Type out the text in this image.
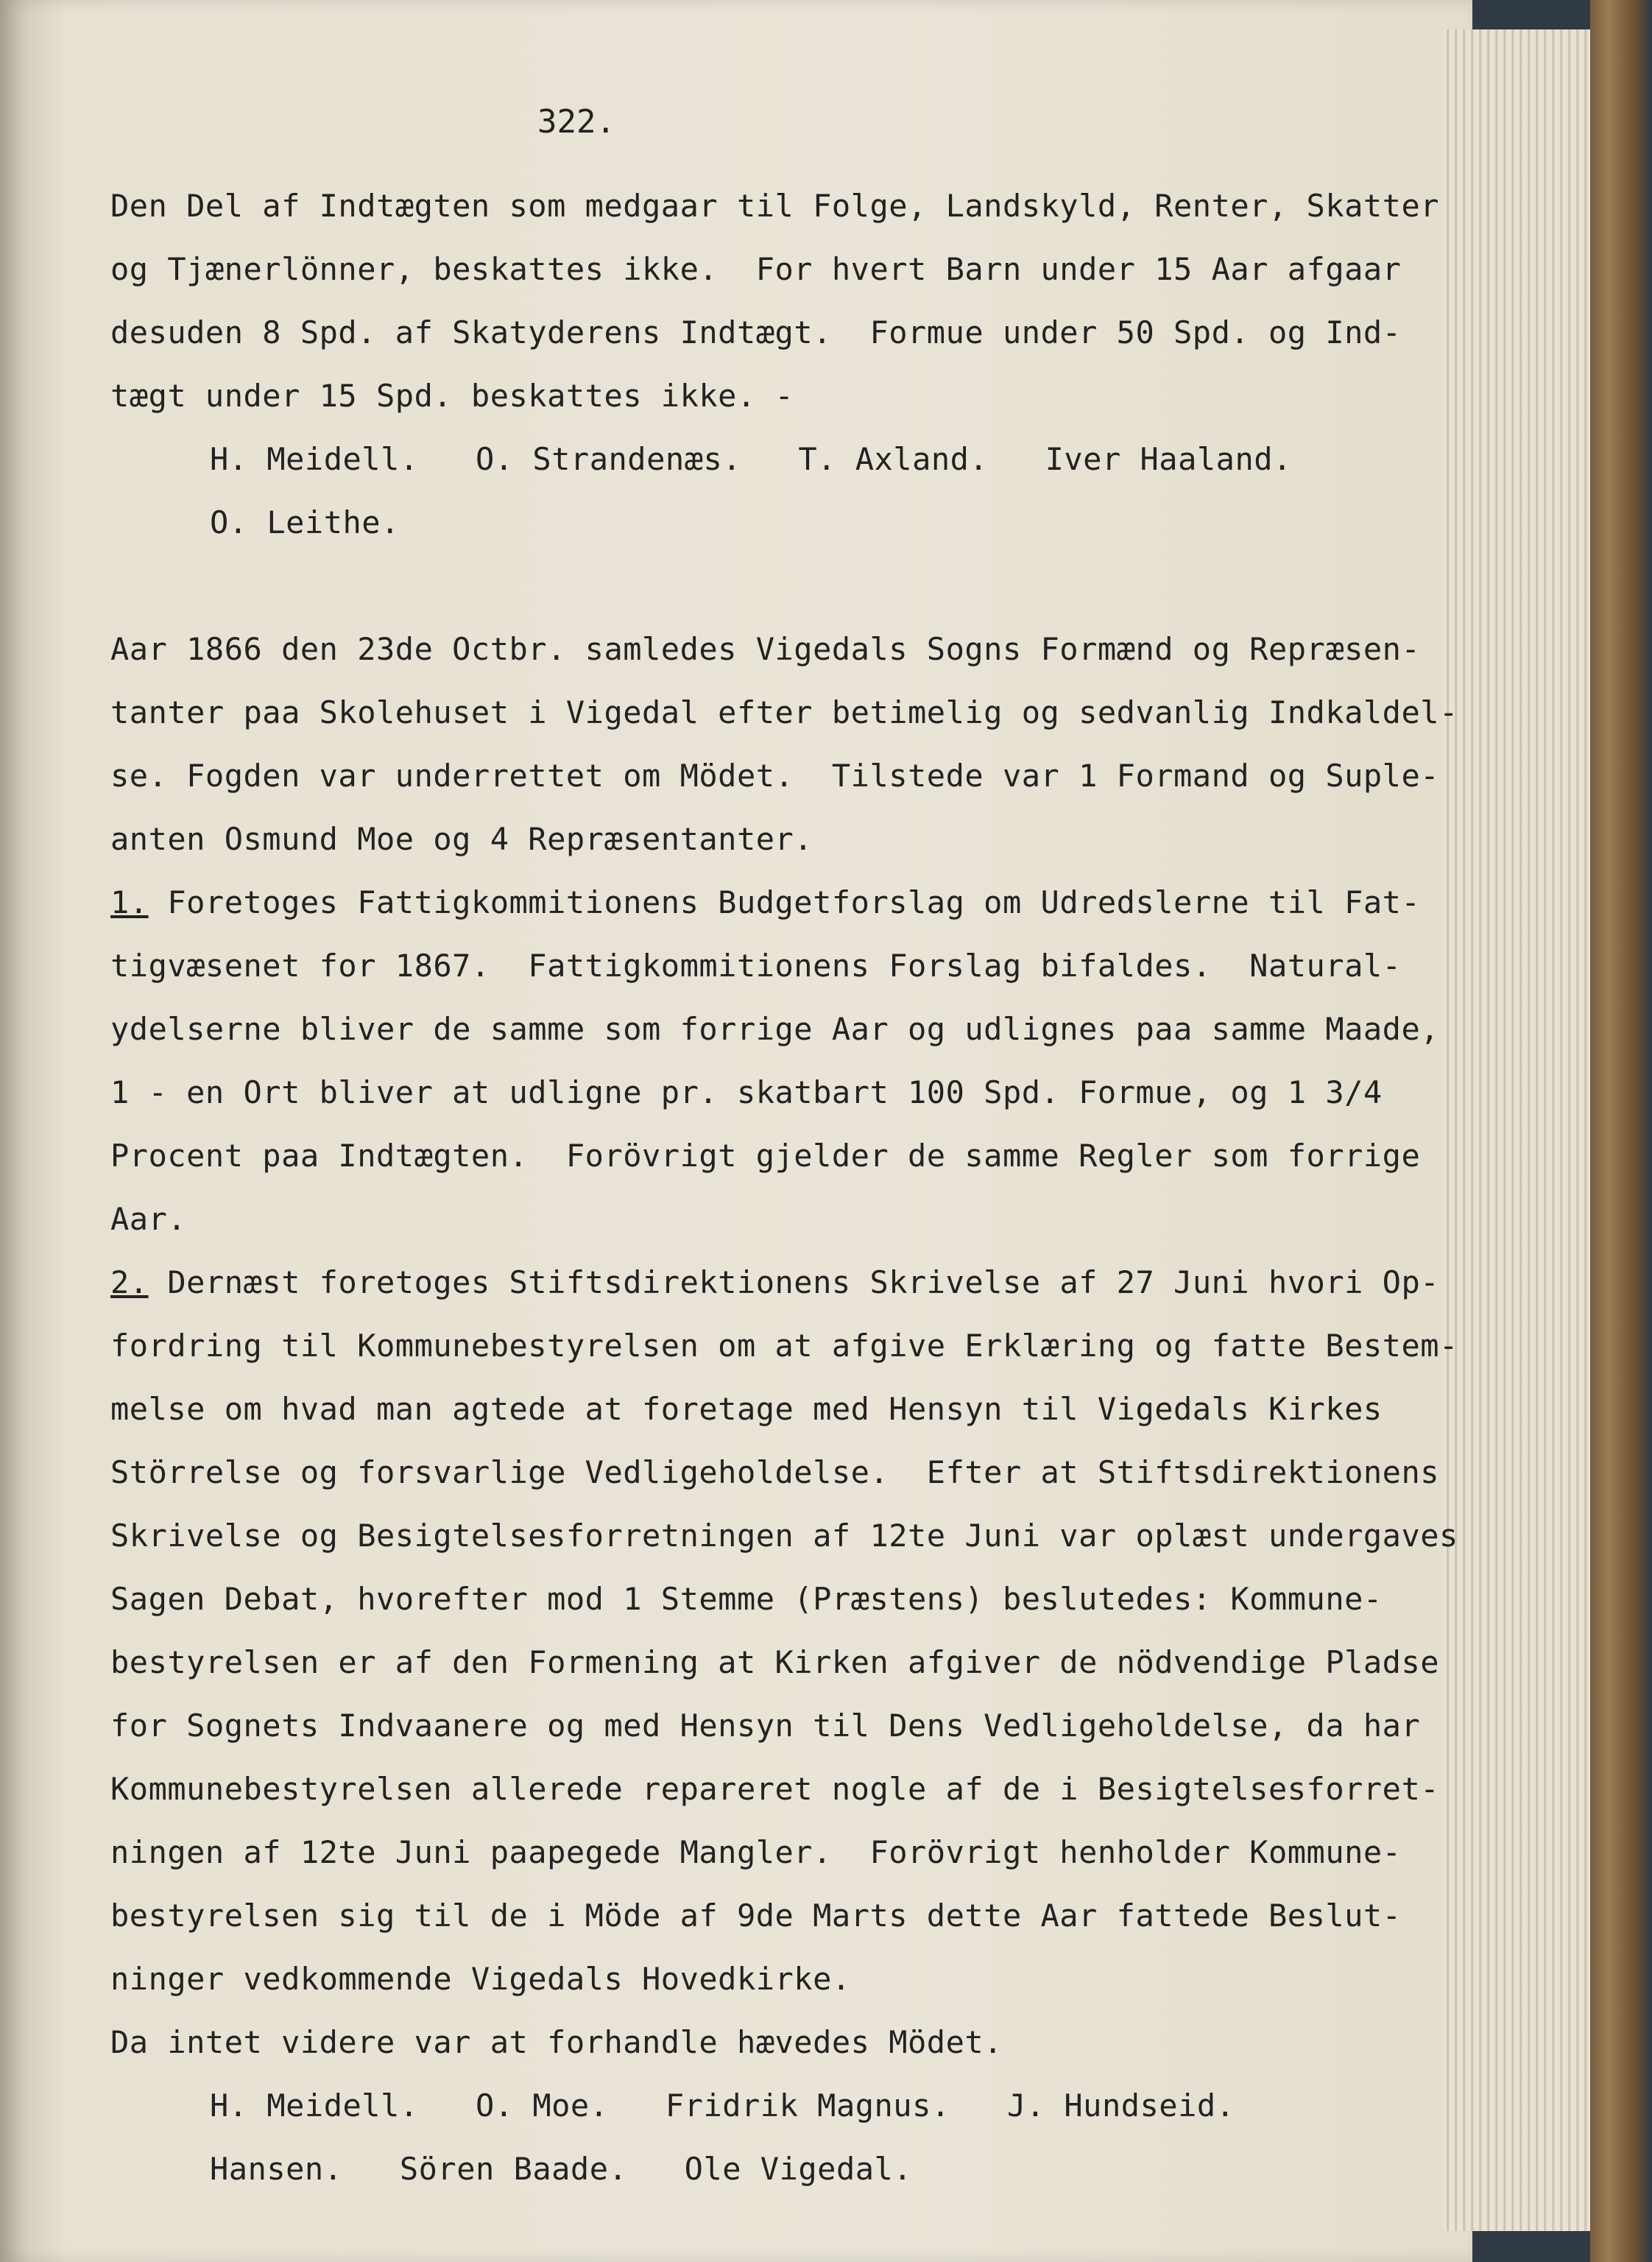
322.
Den Del af Indtægten som medgaar til Folge, Landskyld, Renter, Skatter
og Tjænerlönner, beskattes ikke.  For hvert Barn under 15 Aar afgaar
desuden 8 Spd. af Skatyderens Indtægt.  Formue under 50 Spd. og Ind-
tægt under 15 Spd. beskattes ikke. -
H. Meidell.   O. Strandenæs.   T. Axland.   Iver Haaland.
O. Leithe.
Aar 1866 den 23de Octbr. samledes Vigedals Sogns Formænd og Repræsen-
tanter paa Skolehuset i Vigedal efter betimelig og sedvanlig Indkaldel-
se. Fogden var underrettet om Mödet.  Tilstede var 1 Formand og Suple-
anten Osmund Moe og 4 Repræsentanter.
1. Foretoges Fattigkommitionens Budgetforslag om Udredslerne til Fat-
tigvæsenet for 1867.  Fattigkommitionens Forslag bifaldes.  Natural-
ydelserne bliver de samme som forrige Aar og udlignes paa samme Maade,
1 - en Ort bliver at udligne pr. skatbart 100 Spd. Formue, og 1 3/4
Procent paa Indtægten.  Forövrigt gjelder de samme Regler som forrige
Aar.
2. Dernæst foretoges Stiftsdirektionens Skrivelse af 27 Juni hvori Op-
fordring til Kommunebestyrelsen om at afgive Erklæring og fatte Bestem-
melse om hvad man agtede at foretage med Hensyn til Vigedals Kirkes
Störrelse og forsvarlige Vedligeholdelse.  Efter at Stiftsdirektionens
Skrivelse og Besigtelsesforretningen af 12te Juni var oplæst undergaves
Sagen Debat, hvorefter mod 1 Stemme (Præstens) beslutedes: Kommune-
bestyrelsen er af den Formening at Kirken afgiver de nödvendige Pladse
for Sognets Indvaanere og med Hensyn til Dens Vedligeholdelse, da har
Kommunebestyrelsen allerede repareret nogle af de i Besigtelsesforret-
ningen af 12te Juni paapegede Mangler.  Forövrigt henholder Kommune-
bestyrelsen sig til de i Möde af 9de Marts dette Aar fattede Beslut-
ninger vedkommende Vigedals Hovedkirke.
Da intet videre var at forhandle hævedes Mödet.
H. Meidell.   O. Moe.   Fridrik Magnus.   J. Hundseid.
Hansen.   Sören Baade.   Ole Vigedal.
